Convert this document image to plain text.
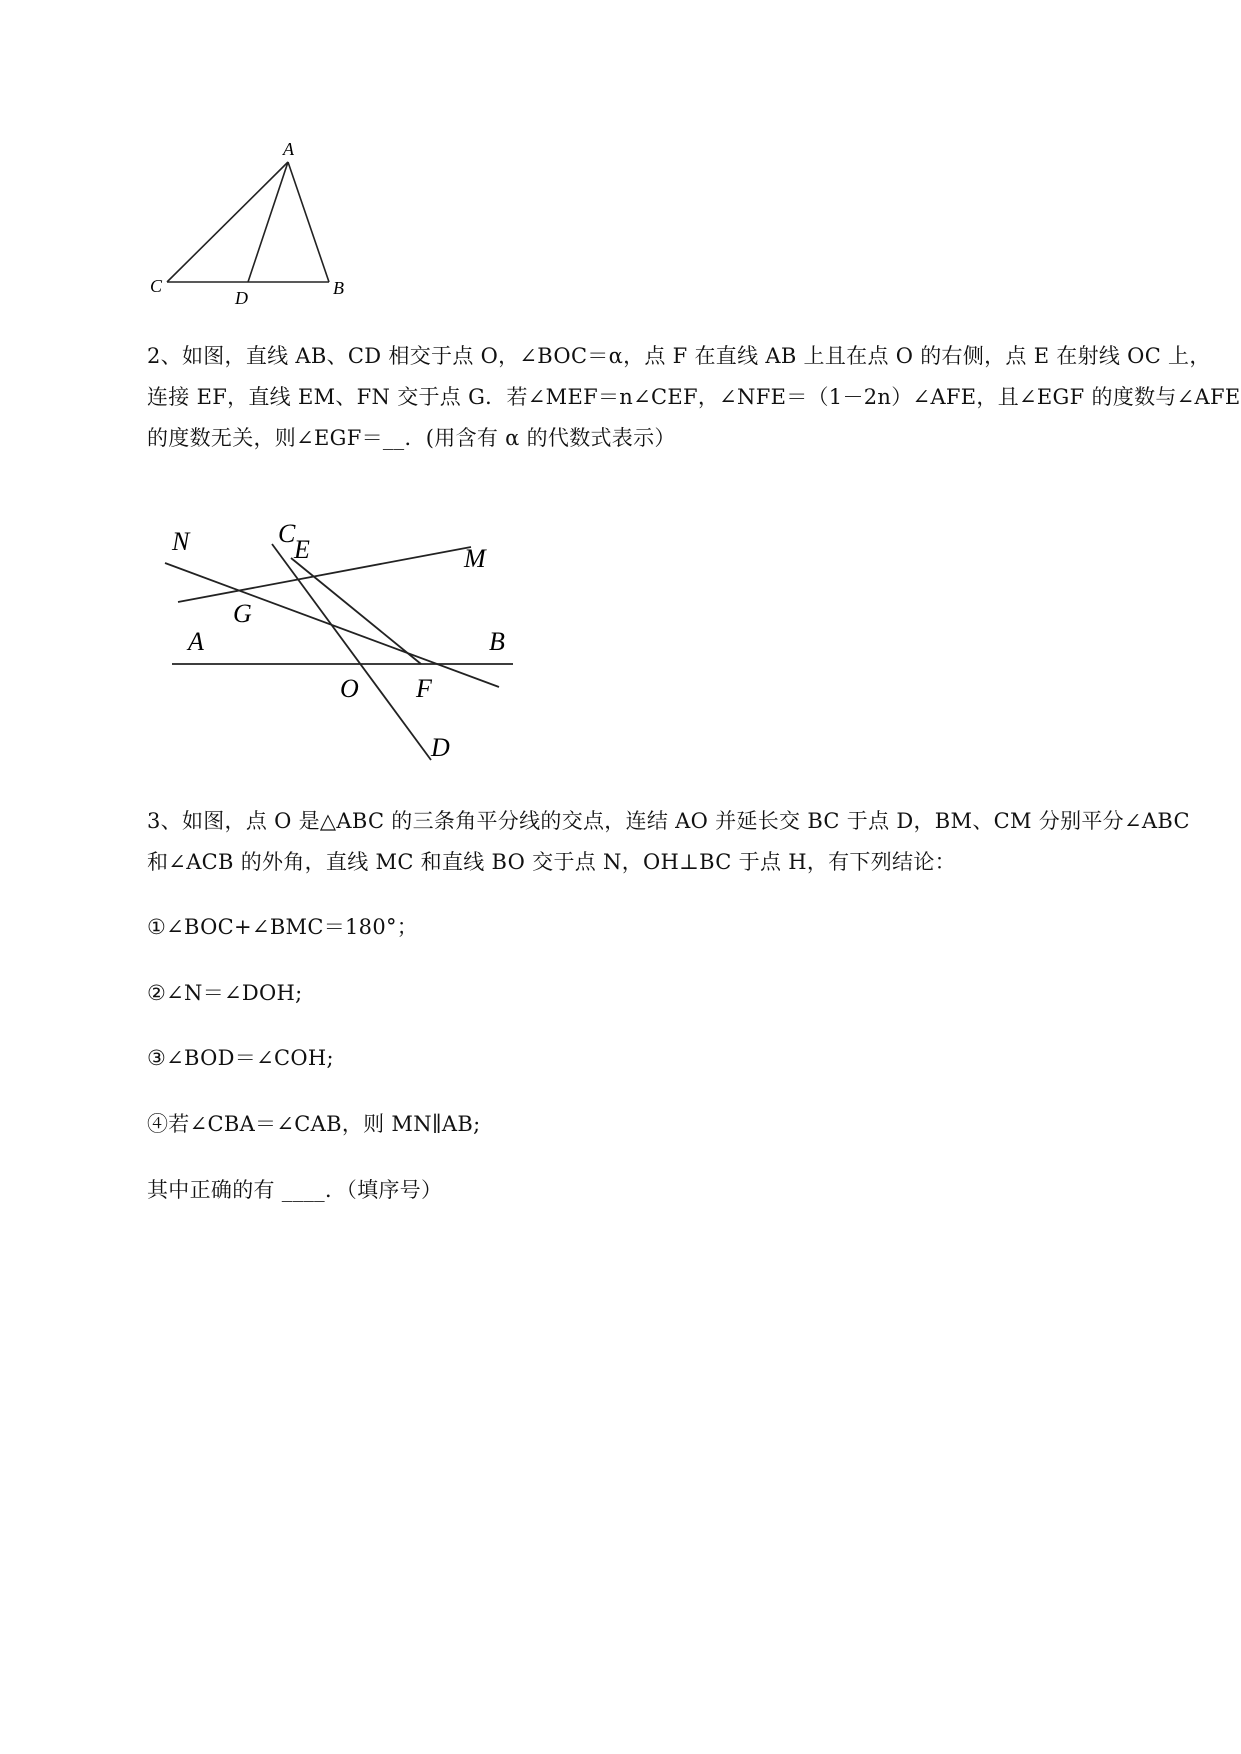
A
C
D	B
2、如图，直线 AB、CD 相交于点 O，∠BOC＝α，点 F 在直线 AB 上且在点 O 的右侧，点 E 在射线 OC 上，
连接 EF，直线 EM、FN 交于点 G．若∠MEF＝n∠CEF，∠NFE＝（1－2n）∠AFE，且∠EGF 的度数与∠AFE
的度数无关，则∠EGF＝__．(用含有 α 的代数式表示）
N	C
E	M
G
A	B
O F
D
3、如图，点 O 是△ABC 的三条角平分线的交点，连结 AO 并延长交 BC 于点 D，BM、CM 分别平分∠ABC
和∠ACB 的外角，直线 MC 和直线 BO 交于点 N，OH⊥BC 于点 H，有下列结论：
①∠BOC+∠BMC＝180°；
②∠N＝∠DOH;
③∠BOD＝∠COH;
④若∠CBA＝∠CAB，则 MN∥AB;
其中正确的有 ____．（填序号）
